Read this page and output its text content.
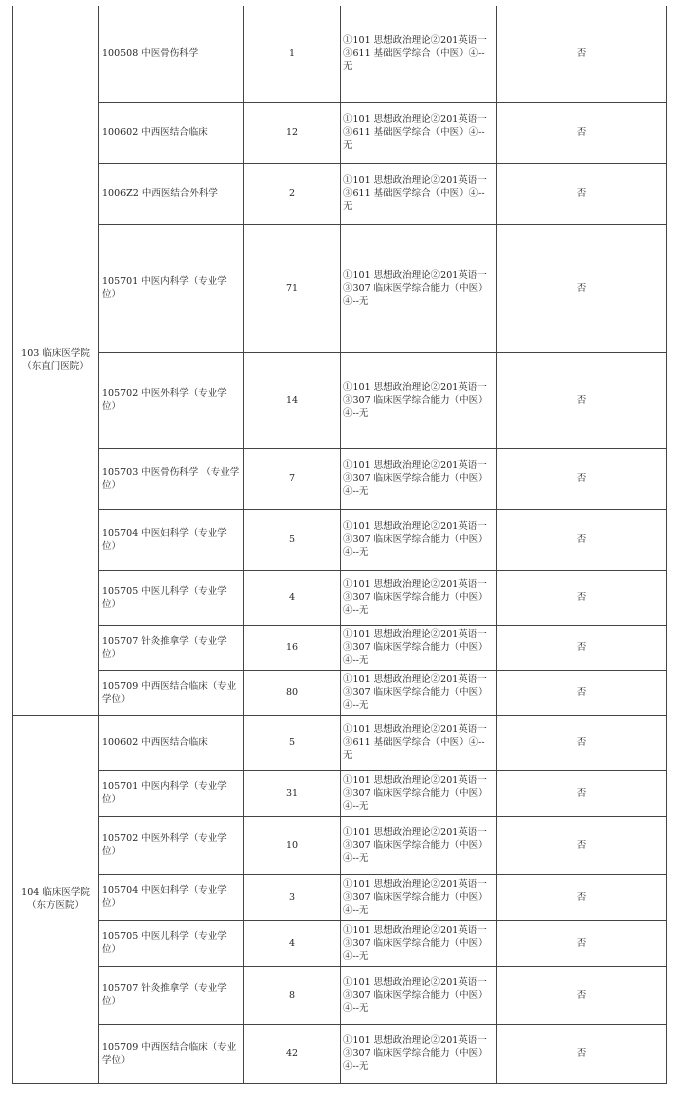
103 临床医学院（东直门医院）	100508 中医骨伤科学	1	①101 思想政治理论②201英语一③611 基础医学综合（中医）④--无	否
	100602 中西医结合临床	12	①101 思想政治理论②201英语一③611 基础医学综合（中医）④--无	否
	1006Z2 中西医结合外科学	2	①101 思想政治理论②201英语一③611 基础医学综合（中医）④--无	否
	105701 中医内科学（专业学位）	71	①101 思想政治理论②201英语一③307 临床医学综合能力（中医）④--无	否
	105702 中医外科学（专业学位）	14	①101 思想政治理论②201英语一③307 临床医学综合能力（中医）④--无	否
	105703 中医骨伤科学 （专业学位）	7	①101 思想政治理论②201英语一③307 临床医学综合能力（中医）④--无	否
	105704 中医妇科学（专业学位）	5	①101 思想政治理论②201英语一③307 临床医学综合能力（中医）④--无	否
	105705 中医儿科学（专业学位）	4	①101 思想政治理论②201英语一③307 临床医学综合能力（中医）④--无	否
	105707 针灸推拿学（专业学位）	16	①101 思想政治理论②201英语一③307 临床医学综合能力（中医）④--无	否
	105709 中西医结合临床（专业学位）	80	①101 思想政治理论②201英语一③307 临床医学综合能力（中医）④--无	否
104 临床医学院（东方医院）	100602 中西医结合临床	5	①101 思想政治理论②201英语一③611 基础医学综合（中医）④--无	否
	105701 中医内科学（专业学位）	31	①101 思想政治理论②201英语一③307 临床医学综合能力（中医）④--无	否
	105702 中医外科学（专业学位）	10	①101 思想政治理论②201英语一③307 临床医学综合能力（中医）④--无	否
	105704 中医妇科学（专业学位）	3	①101 思想政治理论②201英语一③307 临床医学综合能力（中医）④--无	否
	105705 中医儿科学（专业学位）	4	①101 思想政治理论②201英语一③307 临床医学综合能力（中医）④--无	否
	105707 针灸推拿学（专业学位）	8	①101 思想政治理论②201英语一③307 临床医学综合能力（中医）④--无	否
	105709 中西医结合临床（专业学位）	42	①101 思想政治理论②201英语一③307 临床医学综合能力（中医）④--无	否
